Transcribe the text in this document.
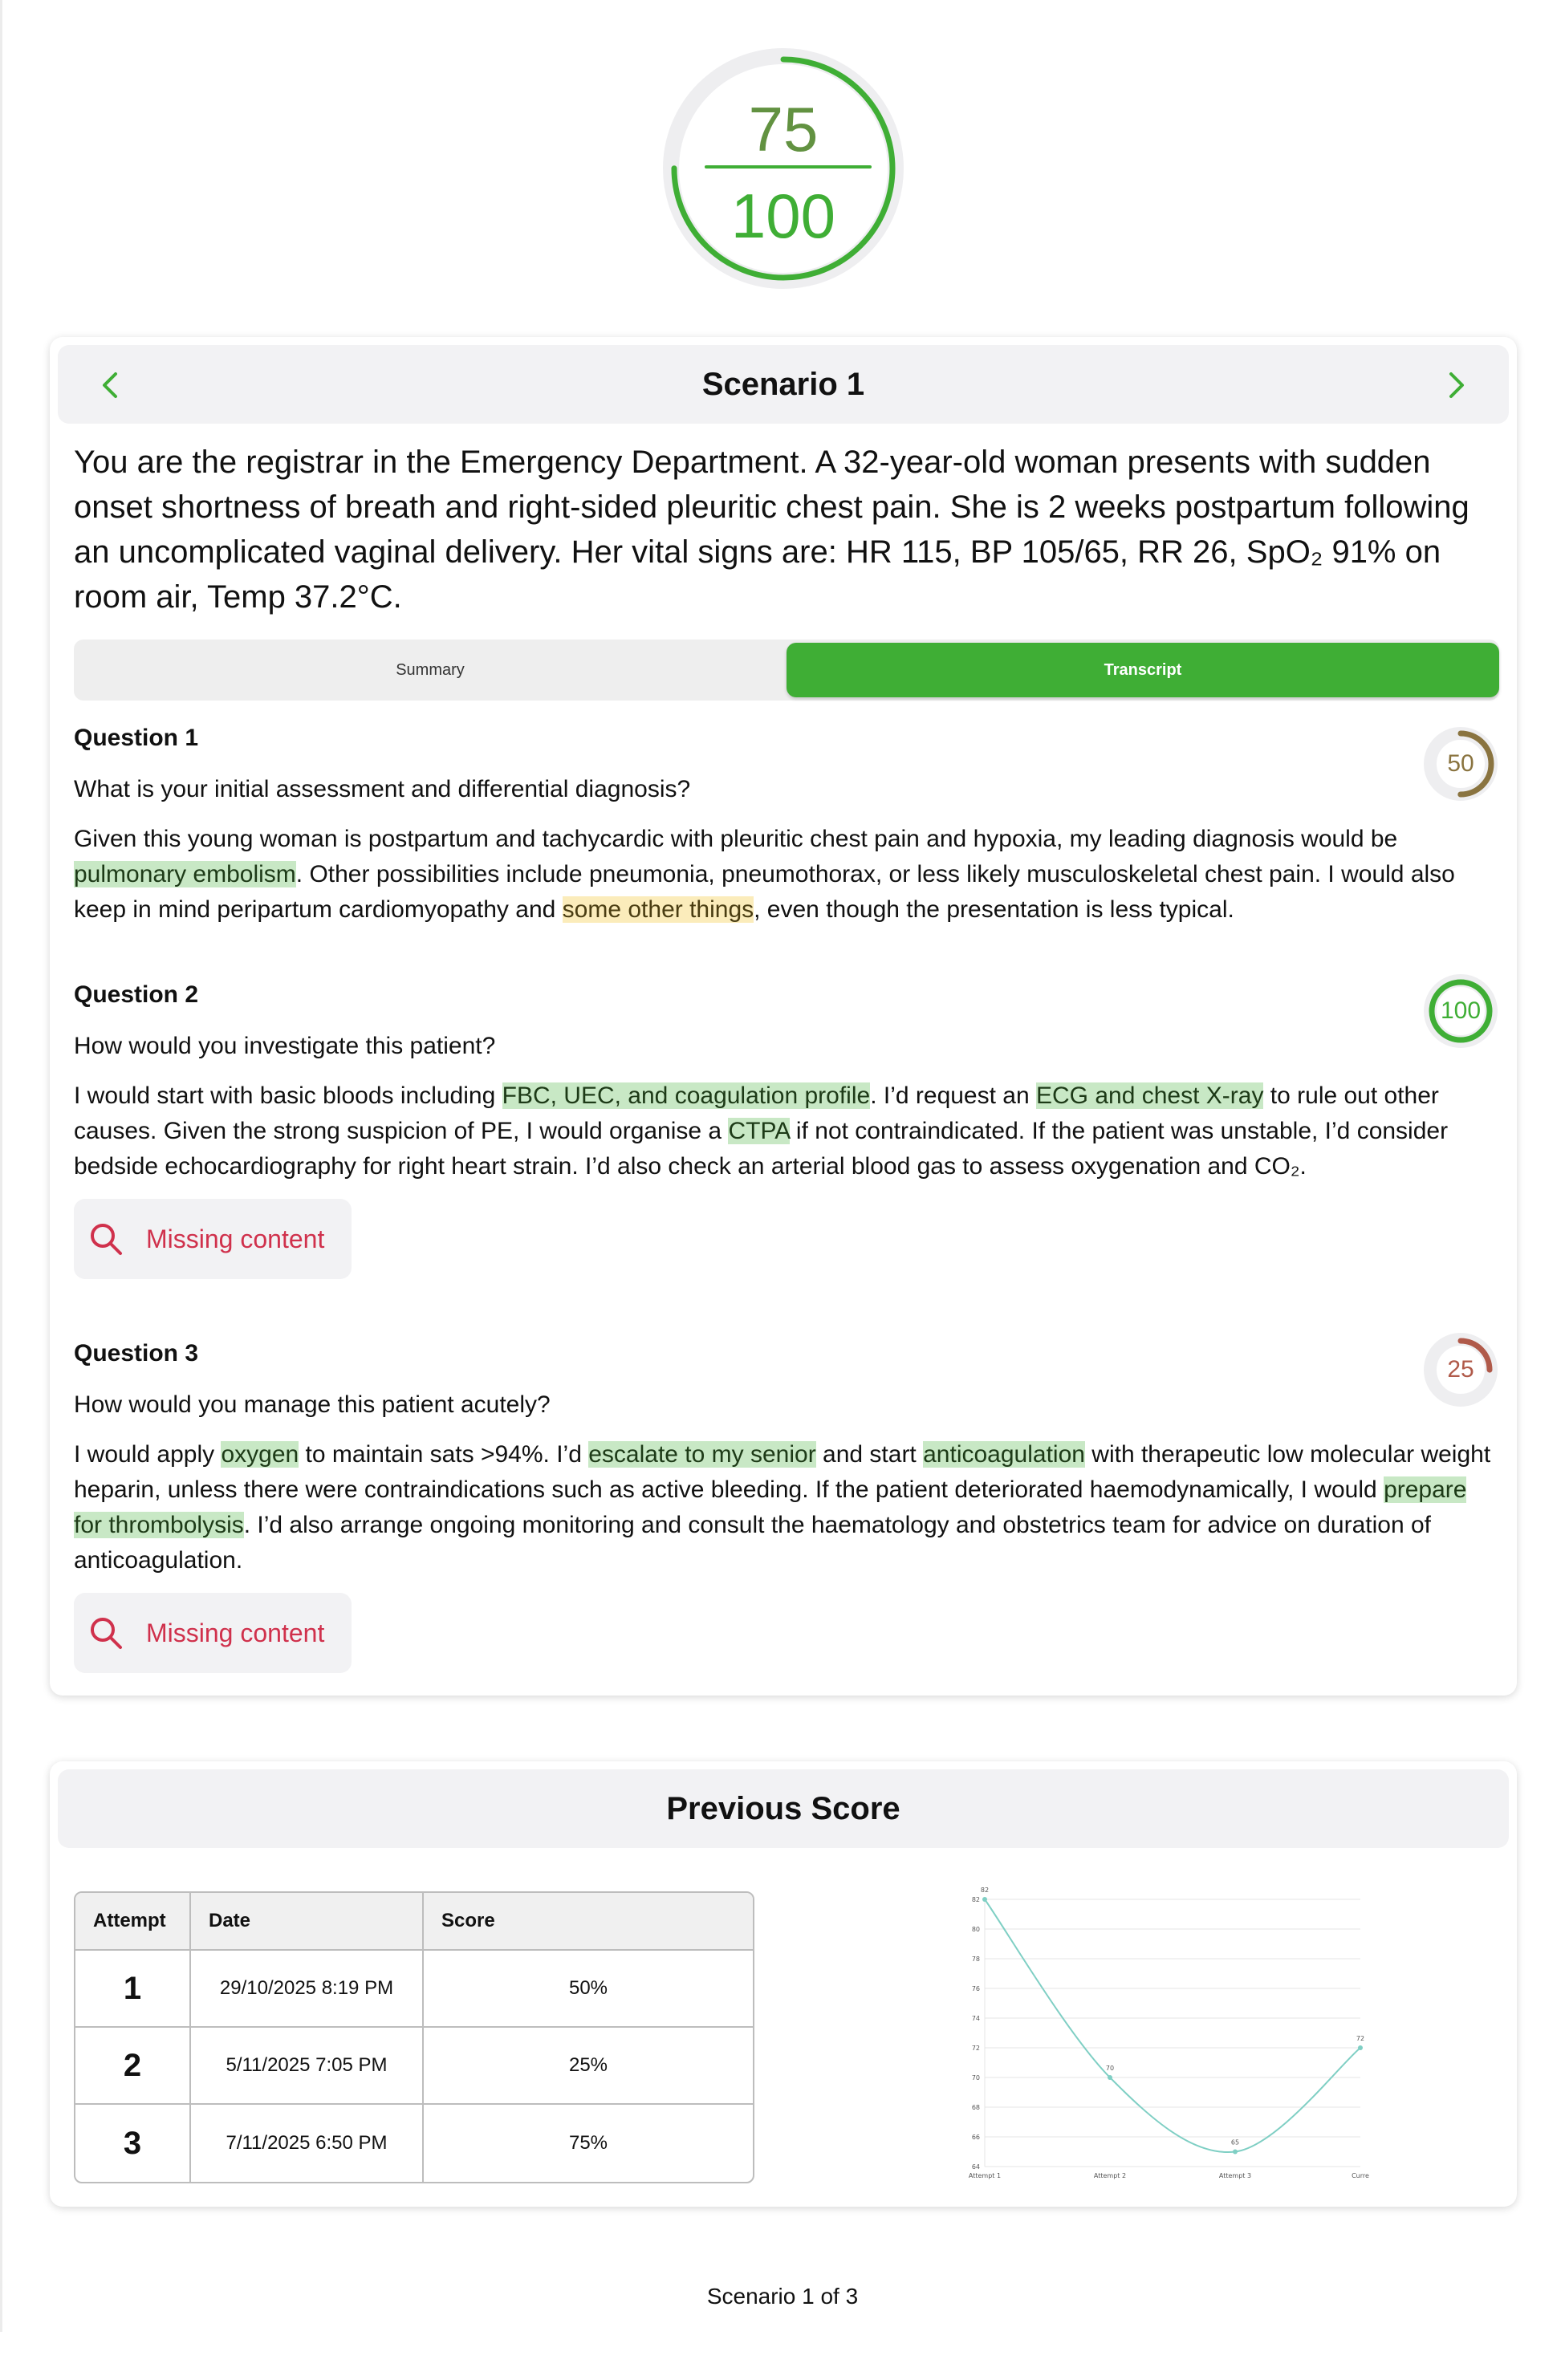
75
100
Scenario 1
You are the registrar in the Emergency Department. A 32-year-old woman presents with sudden onset shortness of breath and right-sided pleuritic chest pain. She is 2 weeks postpartum following an uncomplicated vaginal delivery. Her vital signs are: HR 115, BP 105/65, RR 26, SpO₂ 91% on room air, Temp 37.2°C.
Summary	Transcript
Question 1
50
What is your initial assessment and differential diagnosis?
Given this young woman is postpartum and tachycardic with pleuritic chest pain and hypoxia, my leading diagnosis would be pulmonary embolism. Other possibilities include pneumonia, pneumothorax, or less likely musculoskeletal chest pain. I would also keep in mind peripartum cardiomyopathy and some other things, even though the presentation is less typical.
Question 2
100
How would you investigate this patient?
I would start with basic bloods including FBC, UEC, and coagulation profile. I’d request an ECG and chest X-ray to rule out other causes. Given the strong suspicion of PE, I would organise a CTPA if not contraindicated. If the patient was unstable, I’d consider bedside echocardiography for right heart strain. I’d also check an arterial blood gas to assess oxygenation and CO₂.
Missing content
Question 3
25
How would you manage this patient acutely?
I would apply oxygen to maintain sats >94%. I’d escalate to my senior and start anticoagulation with therapeutic low molecular weight heparin, unless there were contraindications such as active bleeding. If the patient deteriorated haemodynamically, I would prepare for thrombolysis. I’d also arrange ongoing monitoring and consult the haematology and obstetrics team for advice on duration of anticoagulation.
Missing content
Previous Score
Attempt	Date	Score
1	29/10/2025 8:19 PM	50%
2	5/11/2025 7:05 PM	25%
3	7/11/2025 6:50 PM	75%
64
66
68
70
72
74
76
78
80
82
Attempt 1	Attempt 2	Attempt 3	Curre
82
70
65
72
Scenario 1 of 3
